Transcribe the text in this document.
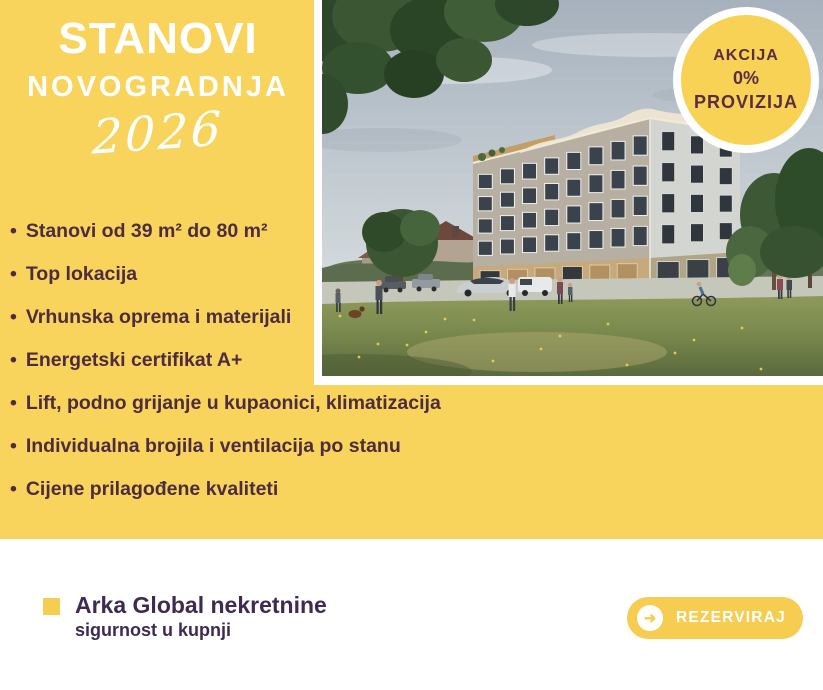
STANOVI
NOVOGRADNJA
2026
• Stanovi od 39 m² do 80 m²
• Top lokacija
• Vrhunska oprema i materijali
• Energetski certifikat A+
• Lift, podno grijanje u kupaonici, klimatizacija
• Individualna brojila i ventilacija po stanu
• Cijene prilagođene kvaliteti
AKCIJA
0%
PROVIZIJA
Arka Global nekretnine
sigurnost u kupnji
➜	REZERVIRAJ
